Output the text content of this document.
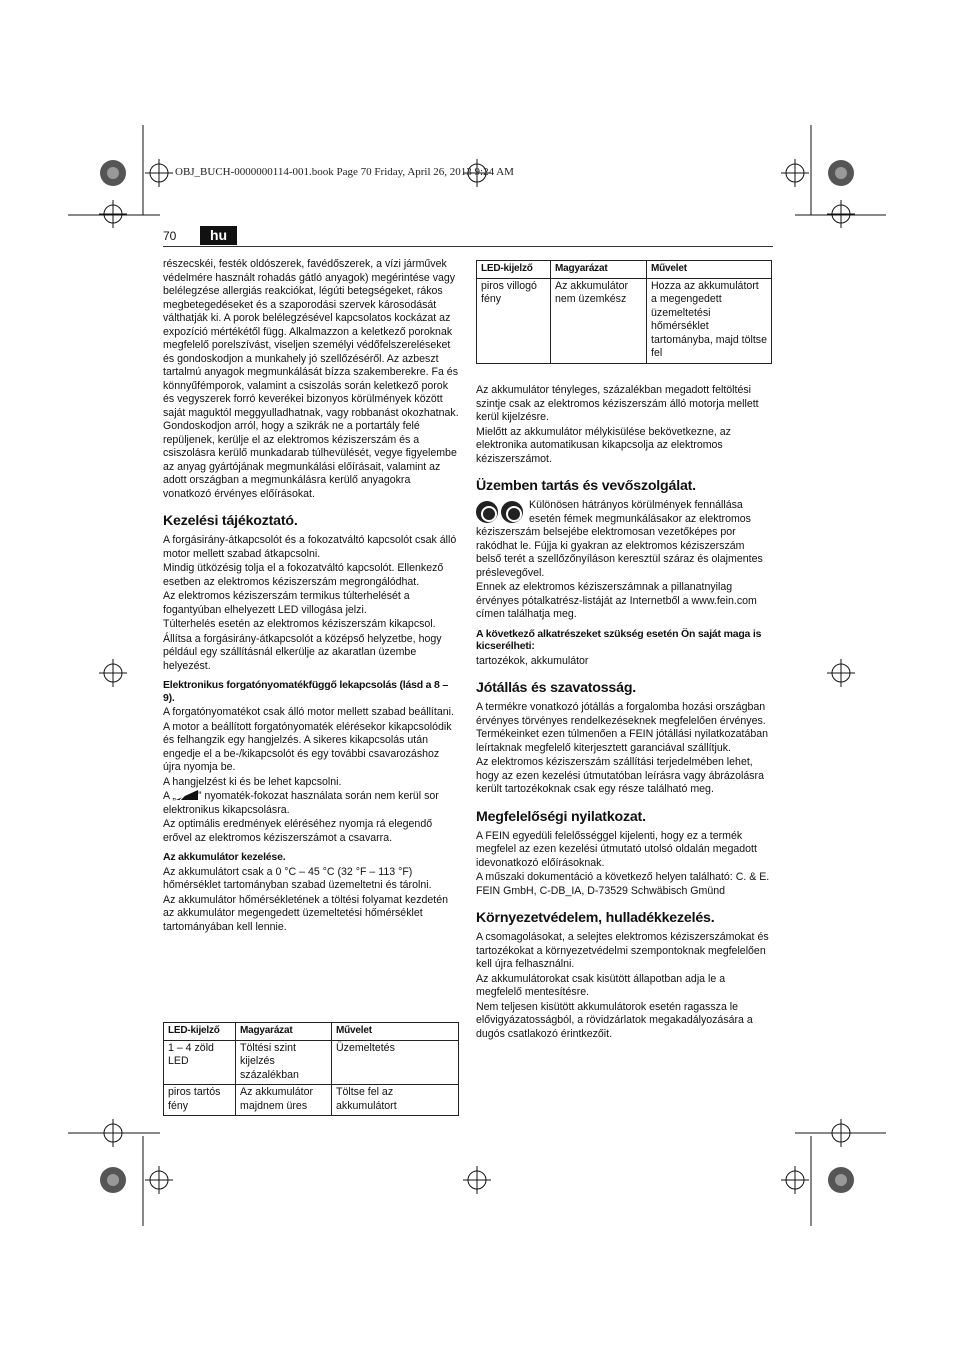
OBJ_BUCH-0000000114-001.book Page 70 Friday, April 26, 2013 9:24 AM
70	hu

részecskéi, festék oldószerek, favédőszerek, a vízi járművek védelmére használt rohadás gátló anyagok) megérintése vagy belélegzése allergiás reakciókat, légúti betegségeket, rákos megbetegedéseket és a szaporodási szervek károsodását válthatják ki. A porok belélegzésével kapcsolatos kockázat az expozíció mértékétől függ. Alkalmazzon a keletkező poroknak megfelelő porelszívást, viseljen személyi védőfelszereléseket és gondoskodjon a munkahely jó szellőzéséről. Az azbeszt tartalmú anyagok megmunkálását bízza szakemberekre. Fa és könnyűfémporok, valamint a csiszolás során keletkező porok és vegyszerek forró keverékei bizonyos körülmények között saját maguktól meggyulladhatnak, vagy robbanást okozhatnak. Gondoskodjon arról, hogy a szikrák ne a portartály felé repüljenek, kerülje el az elektromos kéziszerszám és a csiszolásra kerülő munkadarab túlhevülését, vegye figyelembe az anyag gyártójának megmunkálási előírásait, valamint az adott országban a megmunkálásra kerülő anyagokra vonatkozó érvényes előírásokat.

Kezelési tájékoztató.

A forgásirány-átkapcsolót és a fokozatváltó kapcsolót csak álló motor mellett szabad átkapcsolni.

Mindig ütközésig tolja el a fokozatváltó kapcsolót. Ellenkező esetben az elektromos kéziszerszám megrongálódhat.

Az elektromos kéziszerszám termikus túlterhelését a fogantyúban elhelyezett LED villogása jelzi.

Túlterhelés esetén az elektromos kéziszerszám kikapcsol.

Állítsa a forgásirány-átkapcsolót a középső helyzetbe, hogy például egy szállításnál elkerülje az akaratlan üzembe helyezést.

Elektronikus forgatónyomatékfüggő lekapcsolás (lásd a 8 – 9).

A forgatónyomatékot csak álló motor mellett szabad beállítani.

A motor a beállított forgatónyomaték elérésekor kikapcsolódik és felhangzik egy hangjelzés. A sikeres kikapcsolás után engedje el a be-/kikapcsolót és egy további csavarozáshoz újra nyomja be.

A hangjelzést ki és be lehet kapcsolni.

A „ ” nyomaték-fokozat használata során nem kerül sor elektronikus kikapcsolásra.

Az optimális eredmények eléréséhez nyomja rá elegendő erővel az elektromos kéziszerszámot a csavarra.

Az akkumulátor kezelése.

Az akkumulátort csak a 0 °C – 45 °C (32 °F – 113 °F) hőmérséklet tartományban szabad üzemeltetni és tárolni.

Az akkumulátor hőmérsékletének a töltési folyamat kezdetén az akkumulátor megengedett üzemeltetési hőmérséklet tartományában kell lennie.

LED-kijelző	Magyarázat	Művelet
1 – 4 zöld LED	Töltési szint kijelzés százalékban	Üzemeltetés
piros tartós fény	Az akkumulátor majdnem üres	Töltse fel az akkumulátort
LED-kijelző	Magyarázat	Művelet
piros villogó fény	Az akkumulátor nem üzemkész	Hozza az akkumulátort a megengedett üzemeltetési hőmérséklet tartományba, majd töltse fel

Az akkumulátor tényleges, százalékban megadott feltöltési szintje csak az elektromos kéziszerszám álló motorja mellett kerül kijelzésre.

Mielőtt az akkumulátor mélykisülése bekövetkezne, az elektronika automatikusan kikapcsolja az elektromos kéziszerszámot.

Üzemben tartás és vevőszolgálat.

Különösen hátrányos körülmények fennállása esetén fémek megmunkálásakor az elektromos kéziszerszám belsejébe elektromosan vezetőképes por rakódhat le. Fújja ki gyakran az elektromos kéziszerszám belső terét a szellőzőnyíláson keresztül száraz és olajmentes préslevegővel.

Ennek az elektromos kéziszerszámnak a pillanatnyilag érvényes pótalkatrész-listáját az Internetből a www.fein.com címen találhatja meg.

A következő alkatrészeket szükség esetén Ön saját maga is kicserélheti:

tartozékok, akkumulátor

Jótállás és szavatosság.

A termékre vonatkozó jótállás a forgalomba hozási országban érvényes törvényes rendelkezéseknek megfelelően érvényes. Termékeinket ezen túlmenően a FEIN jótállási nyilatkozatában leírtaknak megfelelő kiterjesztett garanciával szállítjuk.

Az elektromos kéziszerszám szállítási terjedelmében lehet, hogy az ezen kezelési útmutatóban leírásra vagy ábrázolásra került tartozékoknak csak egy része található meg.

Megfelelőségi nyilatkozat.

A FEIN egyedüli felelősséggel kijelenti, hogy ez a termék megfelel az ezen kezelési útmutató utolsó oldalán megadott idevonatkozó előírásoknak.

A műszaki dokumentáció a következő helyen található: C. & E. FEIN GmbH, C-DB_IA, D-73529 Schwäbisch Gmünd

Környezetvédelem, hulladékkezelés.

A csomagolásokat, a selejtes elektromos kéziszerszámokat és tartozékokat a környezetvédelmi szempontoknak megfelelően kell újra felhasználni.

Az akkumulátorokat csak kisütött állapotban adja le a megfelelő mentesítésre.

Nem teljesen kisütött akkumulátorok esetén ragassza le elővigyázatosságból, a rövidzárlatok megakadályozására a dugós csatlakozó érintkezőit.
